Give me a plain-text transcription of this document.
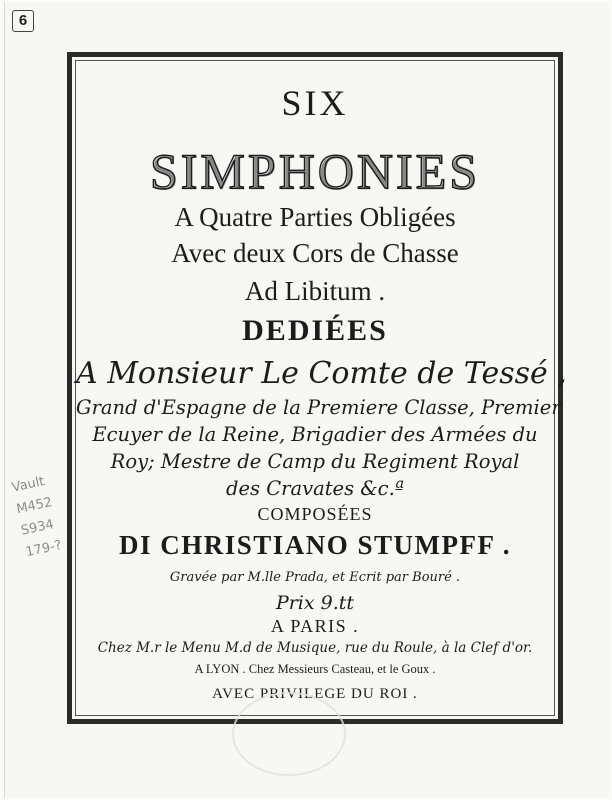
6
Vault
M452
S934
179-?
SIX
SIMPHONIES
A Quatre Parties Obligées
Avec deux Cors de Chasse
Ad Libitum .
DEDIÉES
A Monsieur Le Comte de Tessé ,
Grand d'Espagne de la Premiere Classe, Premier
Ecuyer de la Reine, Brigadier des Armées du
Roy; Mestre de Camp du Regiment Royal
des Cravates &c.ª
COMPOSÉES
DI CHRISTIANO STUMPFF .
Gravée par M.lle Prada, et Ecrit par Bouré .
Prix 9.tt
A PARIS .
Chez M.r le Menu M.d de Musique, rue du Roule, à la Clef d'or.
A LYON . Chez Messieurs Casteau, et le Goux .
AVEC PRIVILEGE DU ROI .
